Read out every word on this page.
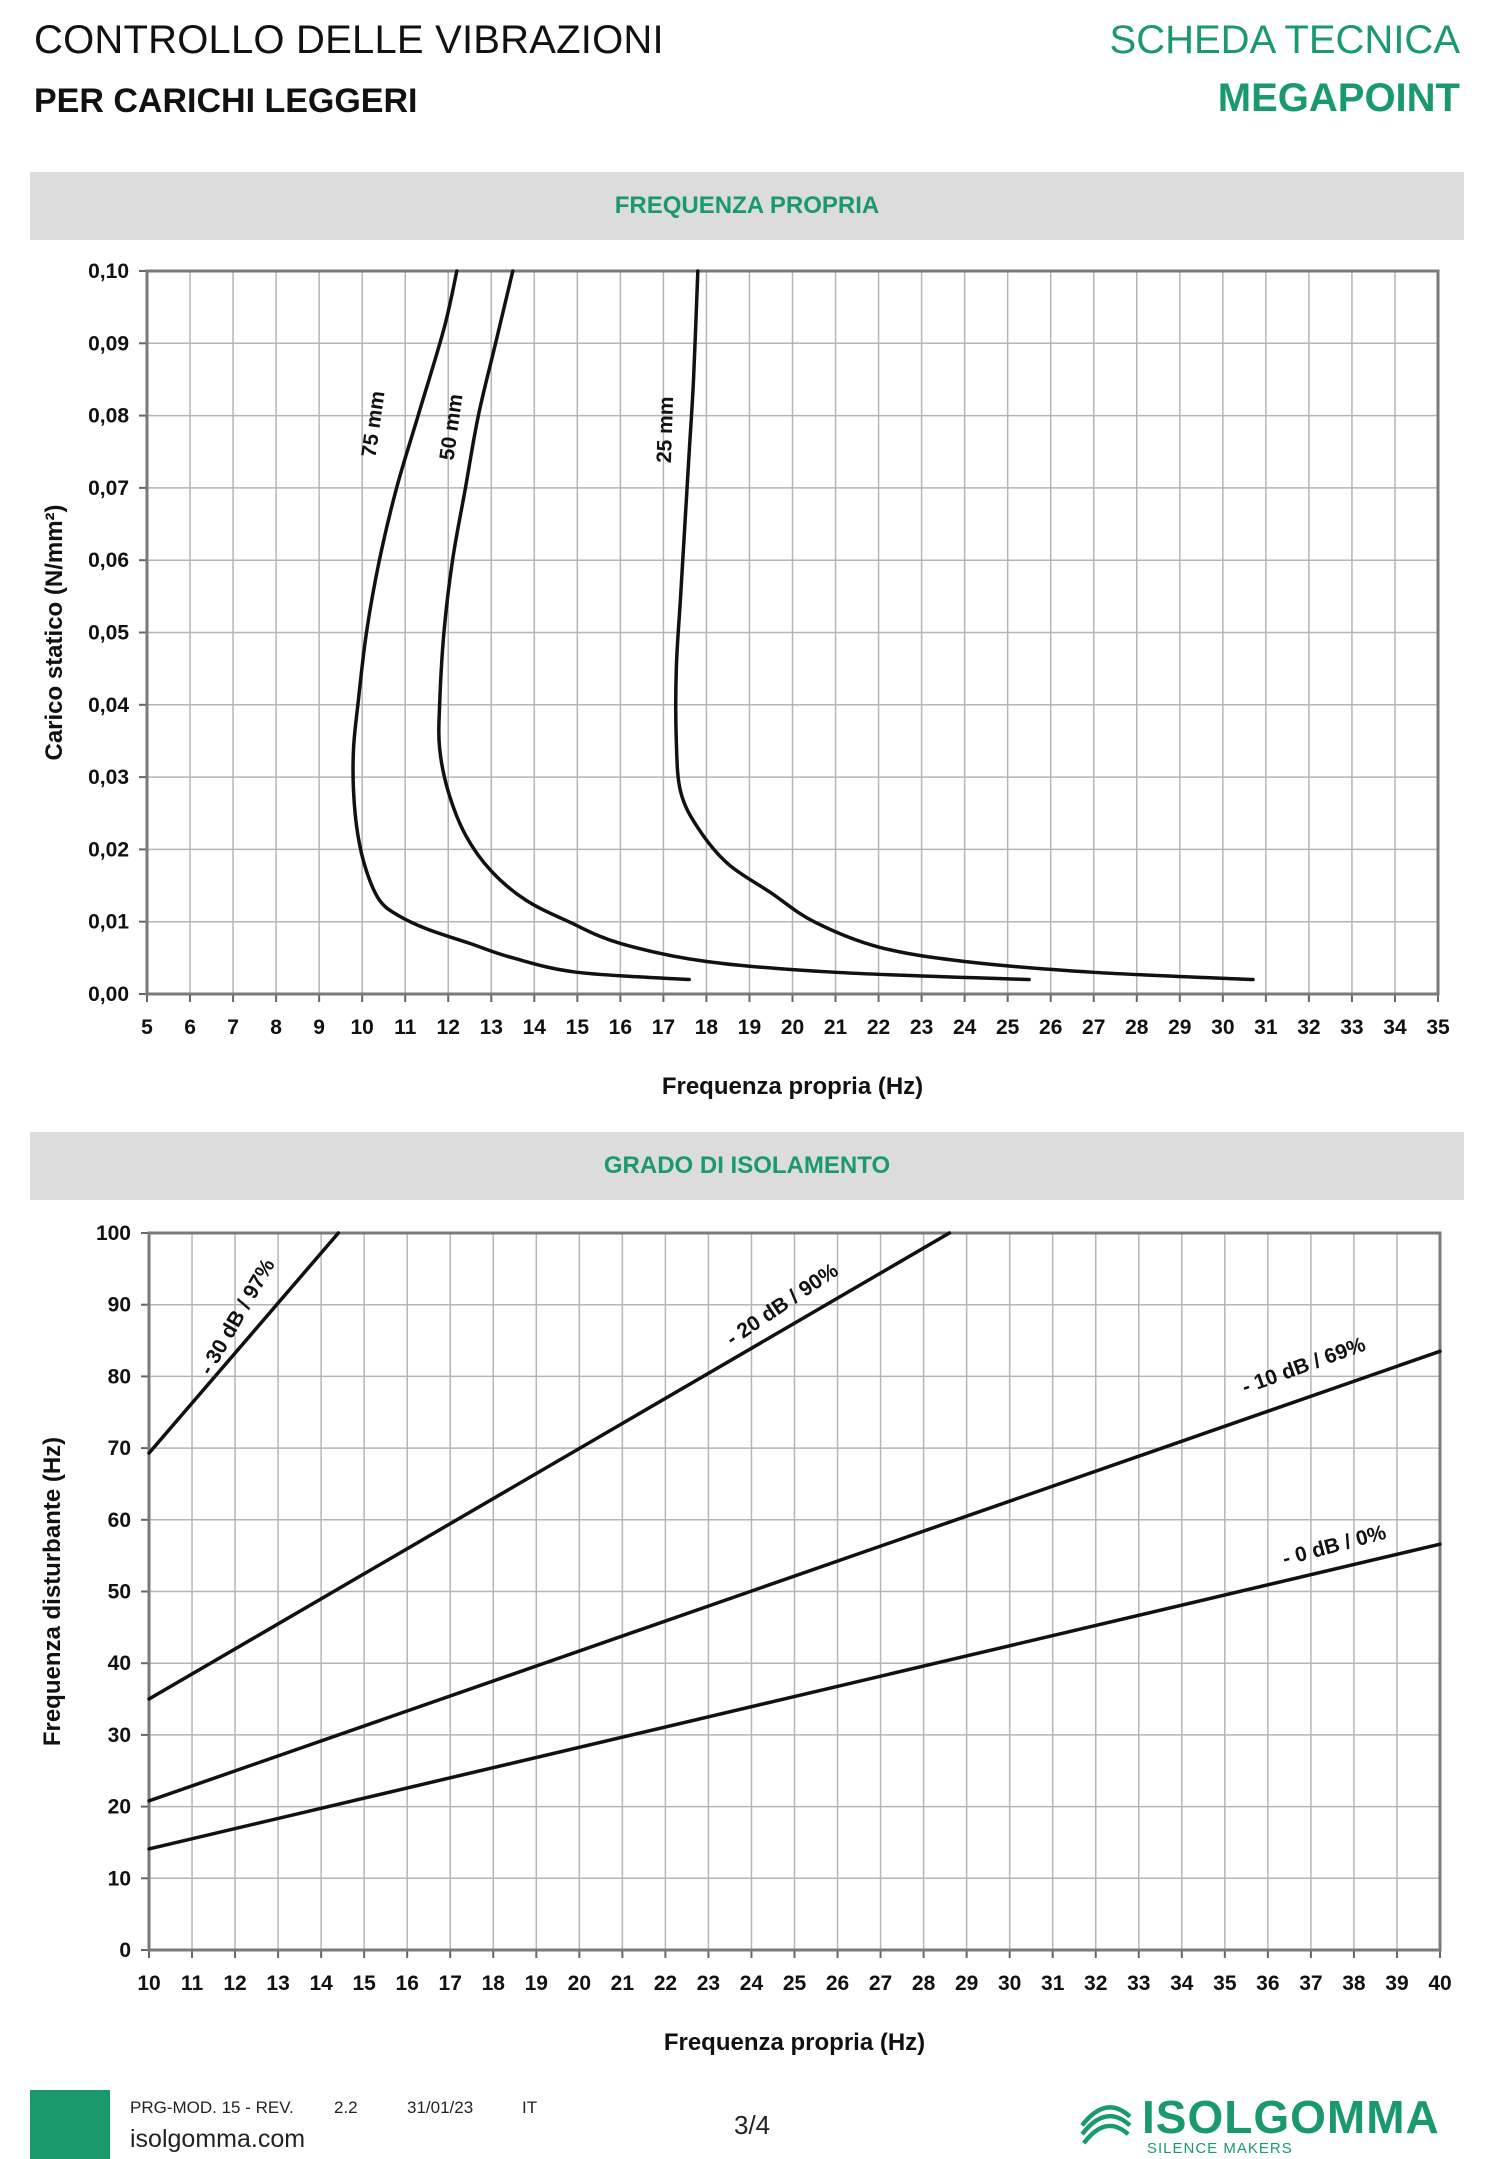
CONTROLLO DELLE VIBRAZIONI
PER CARICHI LEGGERI
SCHEDA TECNICA
MEGAPOINT
FREQUENZA PROPRIA
5 6 7 8 9 10 11 12 13 14 15 16 17 18 19 20 21 22 23 24 25 26 27 28 29 30 31 32 33 34 35
0,00
0,01
0,02
0,03
0,04
0,05
0,06
0,07
0,08
0,09
0,10
Frequenza propria (Hz)
Carico statico (N/mm²)
75 mm 50 mm	25 mm
GRADO DI ISOLAMENTO
10 11 12 13 14 15 16 17 18 19 20 21 22 23 24 25 26 27 28 29 30 31 32 33 34 35 36 37 38 39 40
0
10
20
30
40
50
60
70
80
90
100
Frequenza propria (Hz)
Frequenza disturbante (Hz)
- 30 dB / 97%	- 20 dB / 90%
- 10 dB / 69%
- 0 dB / 0%
PRG-MOD. 15 - REV. 2.2	31/01/23	IT
isolgomma.com	3/4	ISOLGOMMA
SILENCE MAKERS
